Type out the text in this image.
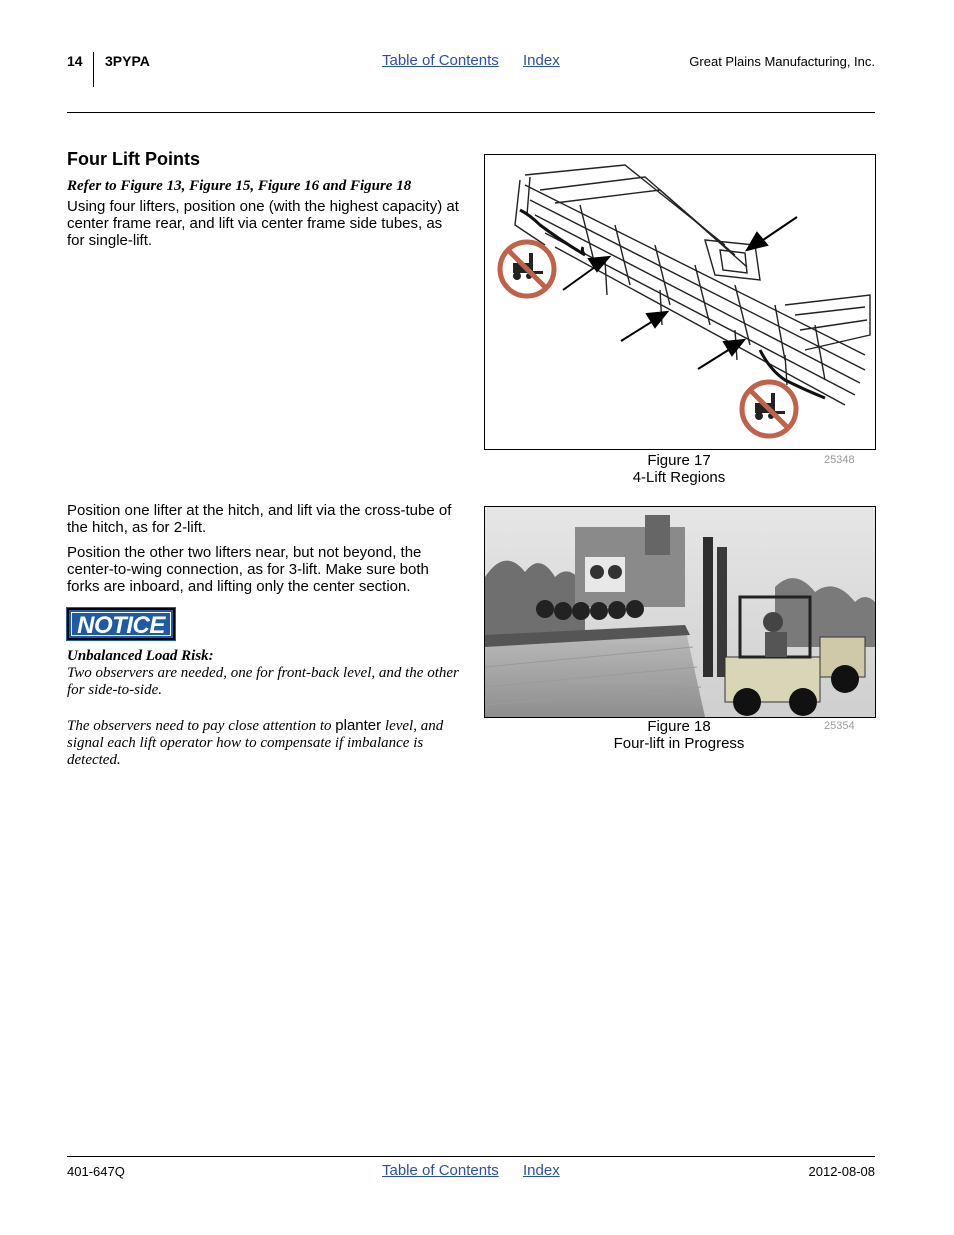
14 3PYPA	Table of Contents Index	Great Plains Manufacturing, Inc.
Four Lift Points
Refer to Figure 13, Figure 15, Figure 16 and Figure 18
Using four lifters, position one (with the highest capacity) at center frame rear, and lift via center frame side tubes, as for single-lift.
Position one lifter at the hitch, and lift via the cross-tube of the hitch, as for 2-lift.
Position the other two lifters near, but not beyond, the center-to-wing connection, as for 3-lift. Make sure both forks are inboard, and lifting only the center section.
NOTICE
Unbalanced Load Risk:
Two observers are needed, one for front-back level, and the other for side-to-side.
The observers need to pay close attention to planter level, and signal each lift operator how to compensate if imbalance is detected.
Figure 17
4-Lift Regions
25348
Figure 18
Four-lift in Progress
25354
401-647Q	Table of Contents Index	2012-08-08
